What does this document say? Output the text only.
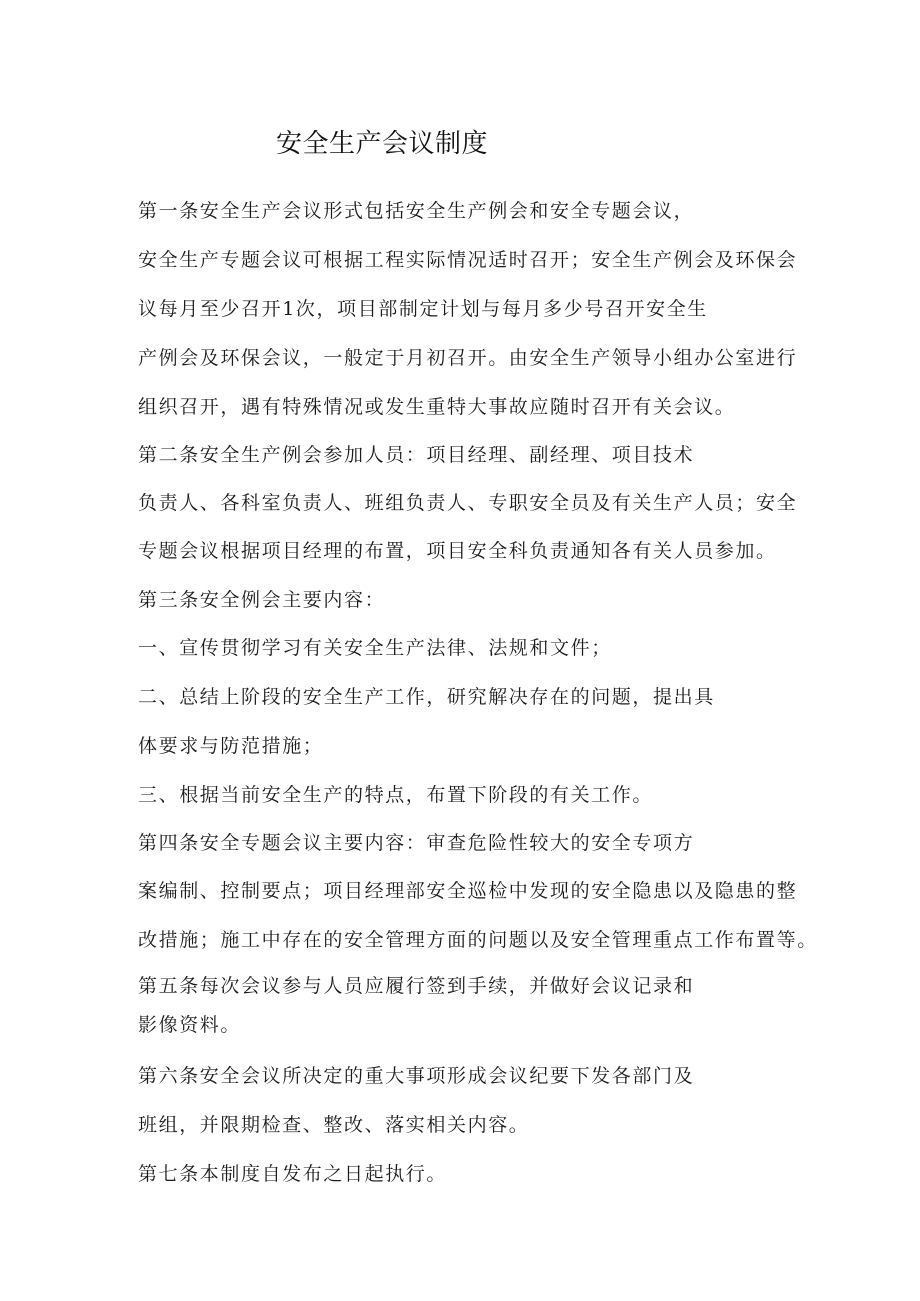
安全生产会议制度
第一条安全生产会议形式包括安全生产例会和安全专题会议，
安全生产专题会议可根据工程实际情况适时召开；安全生产例会及环保会
议每月至少召开1次，项目部制定计划与每月多少号召开安全生
产例会及环保会议，一般定于月初召开。由安全生产领导小组办公室进行
组织召开，遇有特殊情况或发生重特大事故应随时召开有关会议。
第二条安全生产例会参加人员：项目经理、副经理、项目技术
负责人、各科室负责人、班组负责人、专职安全员及有关生产人员；安全
专题会议根据项目经理的布置，项目安全科负责通知各有关人员参加。
第三条安全例会主要内容：
一、宣传贯彻学习有关安全生产法律、法规和文件；
二、总结上阶段的安全生产工作，研究解决存在的问题，提出具
体要求与防范措施；
三、根据当前安全生产的特点，布置下阶段的有关工作。
第四条安全专题会议主要内容：审查危险性较大的安全专项方
案编制、控制要点；项目经理部安全巡检中发现的安全隐患以及隐患的整
改措施；施工中存在的安全管理方面的问题以及安全管理重点工作布置等。
第五条每次会议参与人员应履行签到手续，并做好会议记录和
影像资料。
第六条安全会议所决定的重大事项形成会议纪要下发各部门及
班组，并限期检查、整改、落实相关内容。
第七条本制度自发布之日起执行。
